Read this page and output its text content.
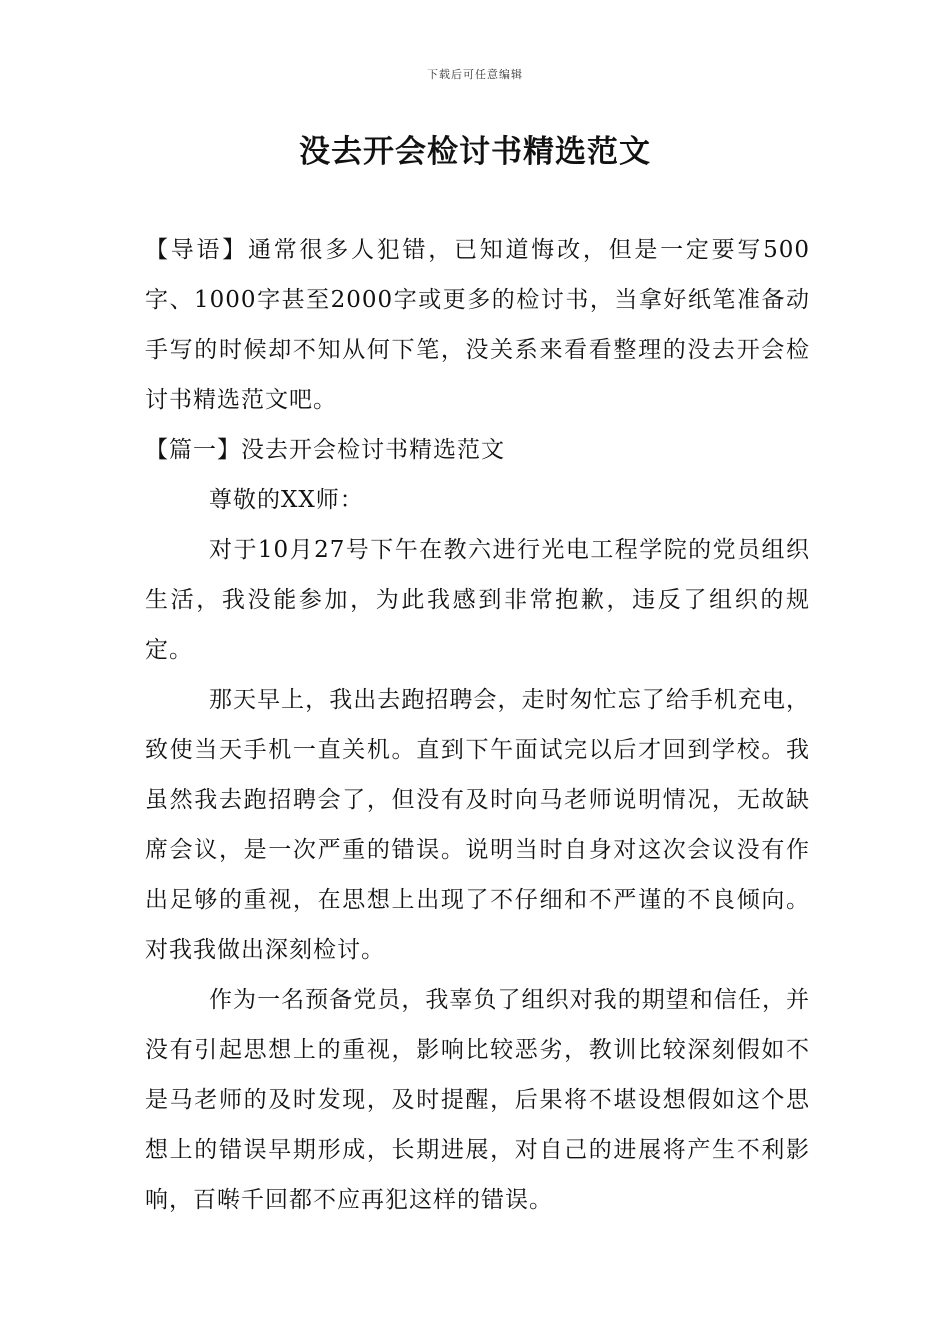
下载后可任意编辑
没去开会检讨书精选范文

【导语】通常很多人犯错，已知道悔改，但是一定要写500字、1000字甚至2000字或更多的检讨书，当拿好纸笔准备动手写的时候却不知从何下笔，没关系来看看整理的没去开会检讨书精选范文吧。

【篇一】没去开会检讨书精选范文

尊敬的XX师：

对于10月27号下午在教六进行光电工程学院的党员组织生活，我没能参加，为此我感到非常抱歉，违反了组织的规定。

那天早上，我出去跑招聘会，走时匆忙忘了给手机充电，致使当天手机一直关机。直到下午面试完以后才回到学校。我虽然我去跑招聘会了，但没有及时向马老师说明情况，无故缺席会议，是一次严重的错误。说明当时自身对这次会议没有作出足够的重视，在思想上出现了不仔细和不严谨的不良倾向。对我我做出深刻检讨。

作为一名预备党员，我辜负了组织对我的期望和信任，并没有引起思想上的重视，影响比较恶劣，教训比较深刻假如不是马老师的及时发现，及时提醒，后果将不堪设想假如这个思想上的错误早期形成，长期进展，对自己的进展将产生不利影响，百啭千回都不应再犯这样的错误。
